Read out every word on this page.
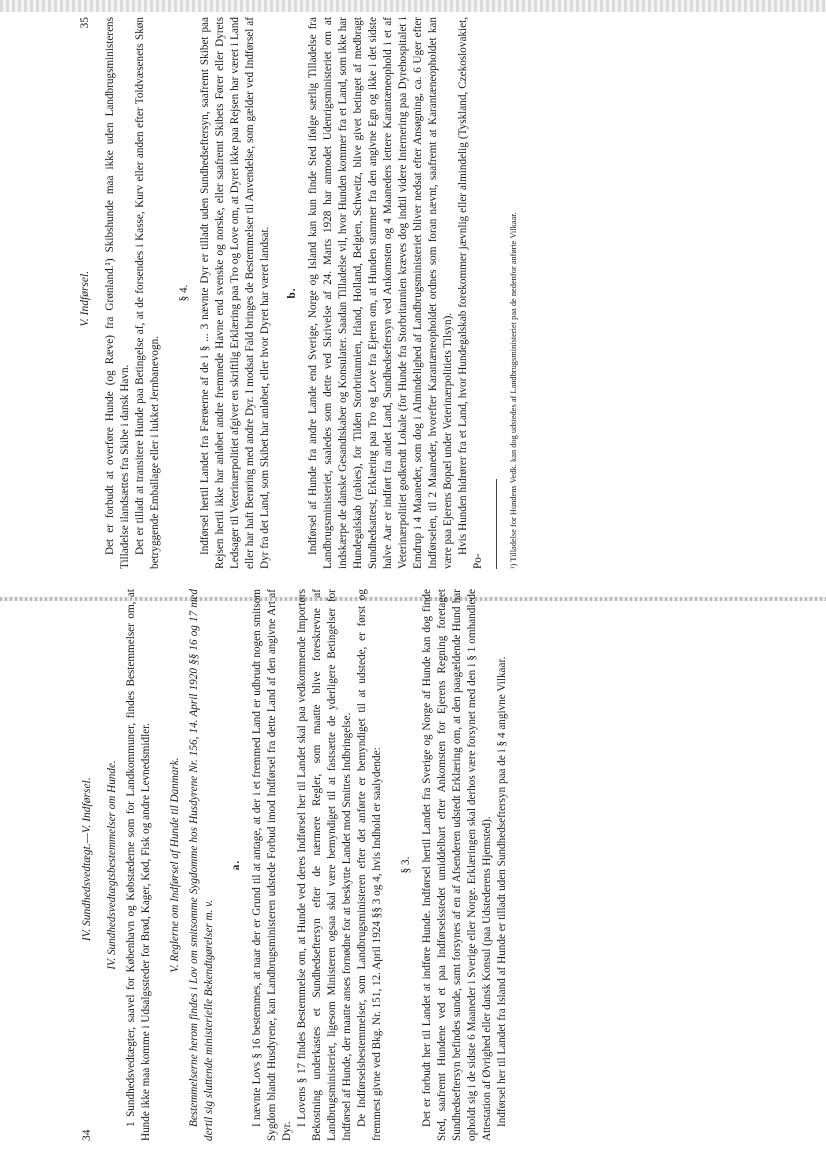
34
IV. Sundhedsvedtægt.—V. Indførsel. IV. Sundhedsvedtægtsbestemmelser om Hunde. 1 Sundhedsvedtægter, saavel for København og Købstæderne som for Landkommuner, findes Bestemmelser om, at Hunde ikke maa komme i Udsalgssteder for Brød, Kager, Kød, Fisk og andre Levnedsmidler. V. Reglerne om Indførsel af Hunde til Danmark. Bestemmelserne herom findes i Lov om smitsomme Sygdomme hos Husdyrene Nr. 156, 14. April 1920 §§ 16 og 17 med dertil sig sluttende ministerielle Bekendtgørelser m. v.

a. I nævnte Lovs § 16 bestemmes, at naar der er Grund til at antage, at der i et fremmed Land er udbrudt nogen smitsom Sygdom blandt Husdyrene, kan Landbrugsministeren udstede Forbud imod Indførsel fra dette Land af den angivne Art af Dyr.

I Lovens § 17 findes Bestemmelse om, at Hunde ved deres Indførsel her til Landet skal paa vedkommende Importørs Bekostning underkastes et Sundhedseftersyn efter de nærmere Regler, som maatte blive foreskrevne af Landbrugsministeriet, ligesom Ministeren ogsaa skal være bemyndiget til at fastsætte de yderligere Betingelser for Indførsel af Hunde, der maatte anses fornødne for at beskytte Landet mod Smittes Indbringelse. De Indførselsbestemmelser, som Landbrugsministeren efter det anførte er bemyndiget til at udstede, er først og fremmest givne ved Bkg. Nr. 151, 12. April 1924 §§ 3 og 4, hvis Indhold er saalydende: § 3. Det er forbudt her til Landet at indføre Hunde. Indførsel hertil Landet fra Sverige og Norge af Hunde kan dog finde Sted, saafremt Hundene ved et paa Indførselsstedet umiddelbart efter Ankomsten for Ejerens Regning foretaget Sundhedseftersyn befindes sunde, samt forsynes af en af Afsenderen udstedt Erklæring om, at den paagældende Hund har opholdt sig i de sidste 6 Maaneder i Sverige eller Norge. Erklæringen skal derhos være forsynet med den i § 1 omhandlede Attestation af Øvrighed eller dansk Konsul (paa Udstederens Hjemsted). Indførsel her til Landet fra Island af Hunde er tilladt uden Sundhedseftersyn paa de i § 4 angivne Vilkaar.

V. Indførsel.
35 Det er forbudt at overføre Hunde (og Ræve) fra Grønland.¹) Skibshunde maa ikke uden Landbrugsministerens Tilladelse ilandsættes fra Skibe i dansk Havn. Det er tilladt at transitere Hunde paa Betingelse af, at de forsendes i Kasse, Kurv eller anden efter Toldvæsenets Skøn betryggende Emballage eller i lukket Jernbanevogn.

§ 4. Indførsel hertil Landet fra Færøerne af de i § ... 3 nævnte Dyr er tilladt uden Sundhedseftersyn, saafremt Skibet paa Rejsen hertil ikke har anløbet andre fremmede Havne end svenske og norske, eller saafremt Skibets Fører eller Dyrets Ledsager til Veterinærpolitiet afgiver en skriftlig Erklæring paa Tro og Love om, at Dyret ikke paa Rejsen har været i Land eller har haft Berøring med andre Dyr. I modsat Fald bringes de Bestemmelser til Anvendelse, som gælder ved Indførsel af Dyr fra det Land, som Skibet har anløbet, eller hvor Dyret har været landsat. b. Indførsel af Hunde fra andre Lande end Sverige, Norge og Island kan kun finde Sted ifølge særlig Tilladelse fra Landbrugsministeriet, saaledes som dette ved Skrivelse af 24. Marts 1928 har anmodet Udenrigsministeriet om at indskærpe de danske Gesandtskaber og Konsulater. Saadan Tilladelse vil, hvor Hunden kommer fra et Land, som ikke har Hundegalskab (rabies), for Tilden Storbritannien, Irland, Holland, Belgien, Schweitz, blive givet betinget af medbragt Sundhedsattest, Erklæring paa Tro og Love fra Ejeren om, at Hunden stammer fra den angivne Egn og ikke i det sidste halve Aar er indført fra andet Land, Sundhedseftersyn ved Ankomsten og 4 Maaneders lettere Karantæneophold i et af Veterinærpolitiet godkendt Lokale (for Hunde fra Storbritannien kræves dog indtil videre Internering paa Dyrehospitalet i Emdrup i 4 Maaneder, som dog i Almindelighed af Landbrugsministeriet bliver nedsat efter Ansøgning, ca. 6 Uger efter Indførselen, til 2 Maaneder, hvorefter Karantæneopholdet ordnes som foran nævnt, saafremt at Karantæneopholdet kan være paa Ejerens Bopæl under Veterinærpolitiets Tilsyn). Hvis Hunden hidrører fra et Land, hvor Hundegalskab forekommer jævnlig eller almindelig (Tyskland, Czekoslovakiet, Po-	¹) Tilladelse for Hundens Vedk. kan dog udstedes af Landbrugsministeriet paa de nedenfor anførte Vilkaar.
